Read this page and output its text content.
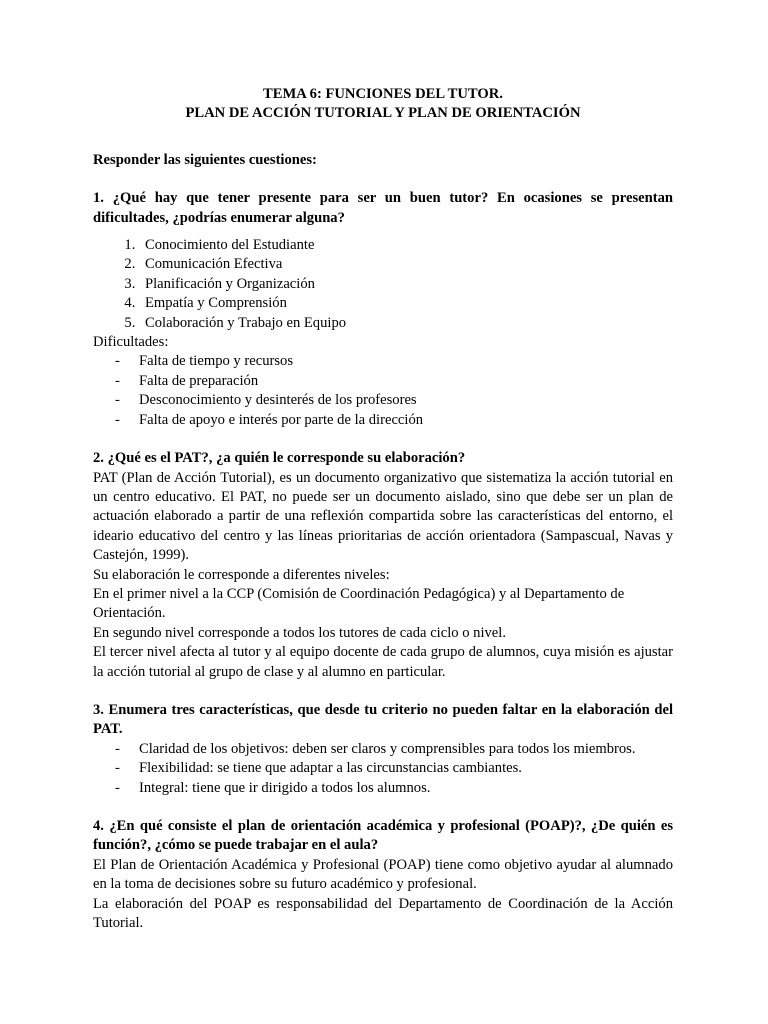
TEMA 6: FUNCIONES DEL TUTOR.
PLAN DE ACCIÓN TUTORIAL Y PLAN DE ORIENTACIÓN

Responder las siguientes cuestiones:

1. ¿Qué hay que tener presente para ser un buen tutor? En ocasiones se presentan dificultades, ¿podrías enumerar alguna?

1. Conocimiento del Estudiante
2. Comunicación Efectiva
3. Planificación y Organización
4. Empatía y Comprensión
5. Colaboración y Trabajo en Equipo

Dificultades:

- Falta de tiempo y recursos
- Falta de preparación
- Desconocimiento y desinterés de los profesores
- Falta de apoyo e interés por parte de la dirección

2. ¿Qué es el PAT?, ¿a quién le corresponde su elaboración?

PAT (Plan de Acción Tutorial), es un documento organizativo que sistematiza la acción tutorial en un centro educativo. El PAT, no puede ser un documento aislado, sino que debe ser un plan de actuación elaborado a partir de una reflexión compartida sobre las características del entorno, el ideario educativo del centro y las líneas prioritarias de acción orientadora (Sampascual, Navas y Castejón, 1999).

Su elaboración le corresponde a diferentes niveles:

En el primer nivel a la CCP (Comisión de Coordinación Pedagógica) y al Departamento de Orientación.

En segundo nivel corresponde a todos los tutores de cada ciclo o nivel.

El tercer nivel afecta al tutor y al equipo docente de cada grupo de alumnos, cuya misión es ajustar la acción tutorial al grupo de clase y al alumno en particular.

3. Enumera tres características, que desde tu criterio no pueden faltar en la elaboración del PAT.

- Claridad de los objetivos: deben ser claros y comprensibles para todos los miembros.
- Flexibilidad: se tiene que adaptar a las circunstancias cambiantes.
- Integral: tiene que ir dirigido a todos los alumnos.

4. ¿En qué consiste el plan de orientación académica y profesional (POAP)?, ¿De quién es función?, ¿cómo se puede trabajar en el aula?

El Plan de Orientación Académica y Profesional (POAP) tiene como objetivo ayudar al alumnado en la toma de decisiones sobre su futuro académico y profesional.

La elaboración del POAP es responsabilidad del Departamento de Coordinación de la Acción Tutorial.
